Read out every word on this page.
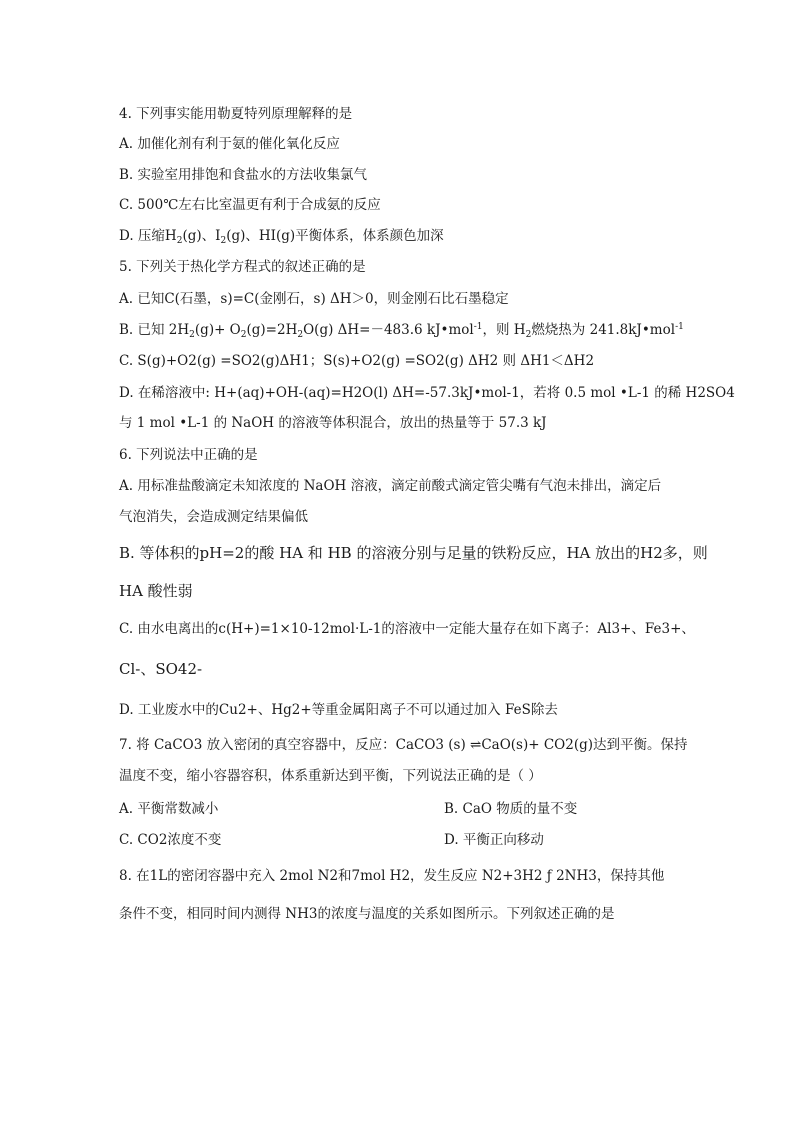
4. 下列事实能用勒夏特列原理解释的是
A. 加催化剂有利于氨的催化氧化反应
B. 实验室用排饱和食盐水的方法收集氯气
C. 500℃左右比室温更有利于合成氨的反应
D. 压缩$H_2(g)$、$I_2(g)$、HI(g)平衡体系，体系颜色加深
5. 下列关于热化学方程式的叙述正确的是
A. 已知C(石墨，s)=C(金刚石，s) ΔH＞0，则金刚石比石墨稳定
B. 已知 $2H_2(g)+ O_2(g)=2H_2O(g)$ ΔH=－483.6 kJ•mol$^{-1}$，则 $H_2$燃烧热为 241.8kJ•mol$^{-1}$
C. S(g)+O2(g) =SO2(g)ΔH1；S(s)+O2(g) =SO2(g) ΔH2 则 ΔH1＜ΔH2
D. 在稀溶液中: H+(aq)+OH-(aq)=H2O(l) ΔH=-57.3kJ•mol-1，若将 0.5 mol •L-1 的稀 H2SO4
与 1 mol •L-1 的 NaOH 的溶液等体积混合，放出的热量等于 57.3 kJ
6. 下列说法中正确的是
A. 用标准盐酸滴定未知浓度的 NaOH 溶液，滴定前酸式滴定管尖嘴有气泡未排出，滴定后
气泡消失，会造成测定结果偏低
B. 等体积的pH=2的酸 HA 和 HB 的溶液分别与足量的铁粉反应，HA 放出的H2多，则
HA 酸性弱
C. 由水电离出的c(H+)=1×10-12mol·L-1的溶液中一定能大量存在如下离子：Al3+、Fe3+、
Cl-、SO42-
D. 工业废水中的Cu2+、Hg2+等重金属阳离子不可以通过加入 FeS除去
7. 将 CaCO3 放入密闭的真空容器中，反应：CaCO3 (s) ⇌CaO(s)+ CO2(g)达到平衡。保持
温度不变，缩小容器容积，体系重新达到平衡，下列说法正确的是（ ）
A. 平衡常数减小	B. CaO 物质的量不变
C. CO2浓度不变	D. 平衡正向移动
8. 在1L的密闭容器中充入 2mol N2和7mol H2，发生反应 N2+3H2 ƒ 2NH3，保持其他
条件不变，相同时间内测得 NH3的浓度与温度的关系如图所示。下列叙述正确的是
